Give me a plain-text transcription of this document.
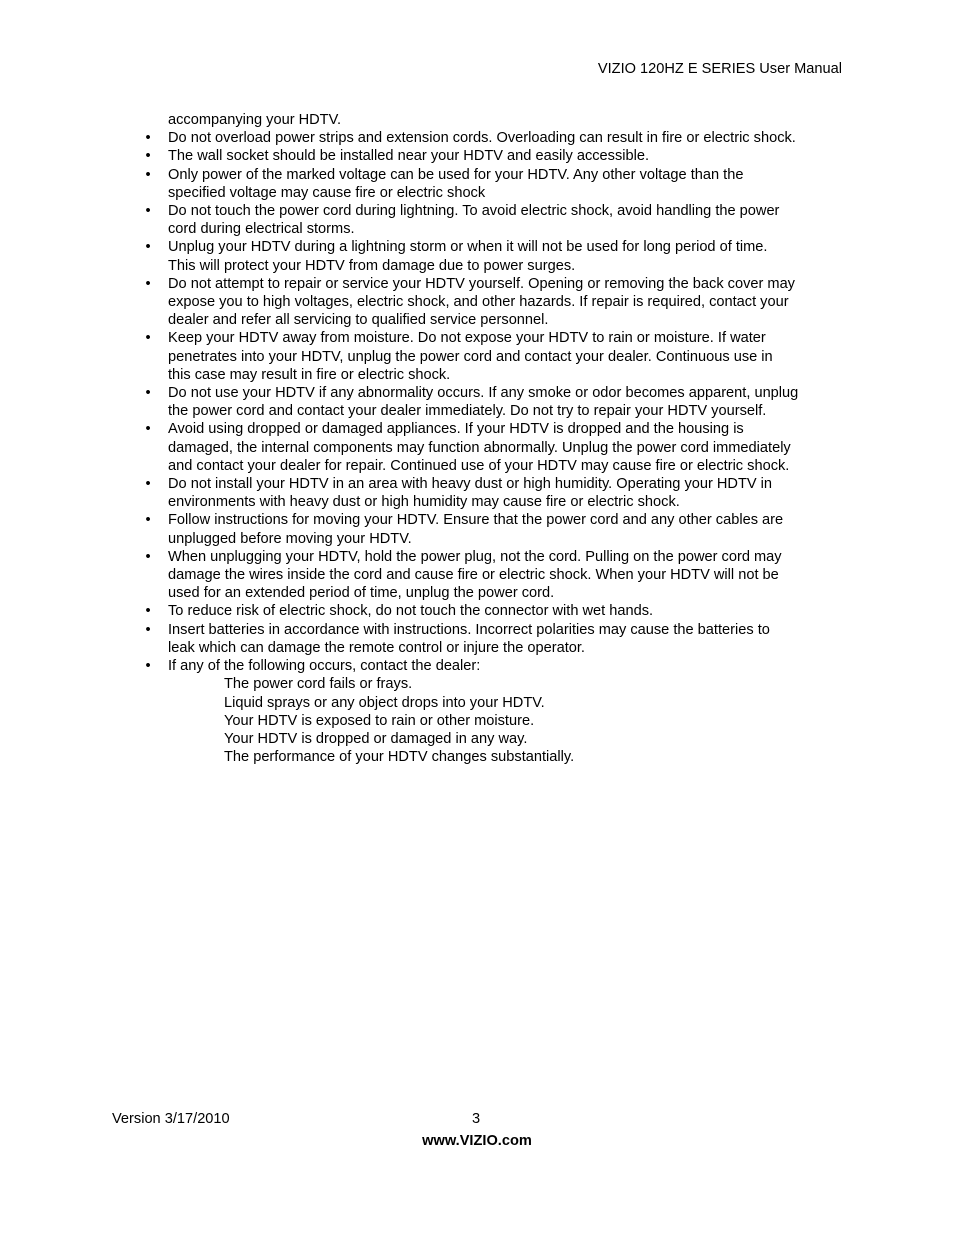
VIZIO 120HZ E SERIES User Manual

accompanying your HDTV.

• Do not overload power strips and extension cords. Overloading can result in fire or electric shock.
• The wall socket should be installed near your HDTV and easily accessible.
• Only power of the marked voltage can be used for your HDTV. Any other voltage than the
specified voltage may cause fire or electric shock
• Do not touch the power cord during lightning. To avoid electric shock, avoid handling the power
cord during electrical storms.
• Unplug your HDTV during a lightning storm or when it will not be used for long period of time.
This will protect your HDTV from damage due to power surges.
• Do not attempt to repair or service your HDTV yourself. Opening or removing the back cover may
expose you to high voltages, electric shock, and other hazards. If repair is required, contact your
dealer and refer all servicing to qualified service personnel.
• Keep your HDTV away from moisture. Do not expose your HDTV to rain or moisture. If water
penetrates into your HDTV, unplug the power cord and contact your dealer. Continuous use in
this case may result in fire or electric shock.
• Do not use your HDTV if any abnormality occurs. If any smoke or odor becomes apparent, unplug
the power cord and contact your dealer immediately. Do not try to repair your HDTV yourself.
• Avoid using dropped or damaged appliances. If your HDTV is dropped and the housing is
damaged, the internal components may function abnormally. Unplug the power cord immediately
and contact your dealer for repair. Continued use of your HDTV may cause fire or electric shock.
• Do not install your HDTV in an area with heavy dust or high humidity. Operating your HDTV in
environments with heavy dust or high humidity may cause fire or electric shock.
• Follow instructions for moving your HDTV. Ensure that the power cord and any other cables are
unplugged before moving your HDTV.
• When unplugging your HDTV, hold the power plug, not the cord. Pulling on the power cord may
damage the wires inside the cord and cause fire or electric shock. When your HDTV will not be
used for an extended period of time, unplug the power cord.
• To reduce risk of electric shock, do not touch the connector with wet hands.
• Insert batteries in accordance with instructions. Incorrect polarities may cause the batteries to
leak which can damage the remote control or injure the operator.
• If any of the following occurs, contact the dealer:
The power cord fails or frays.
Liquid sprays or any object drops into your HDTV.
Your HDTV is exposed to rain or other moisture.
Your HDTV is dropped or damaged in any way.
The performance of your HDTV changes substantially.
Version 3/17/2010	3
www.VIZIO.com
